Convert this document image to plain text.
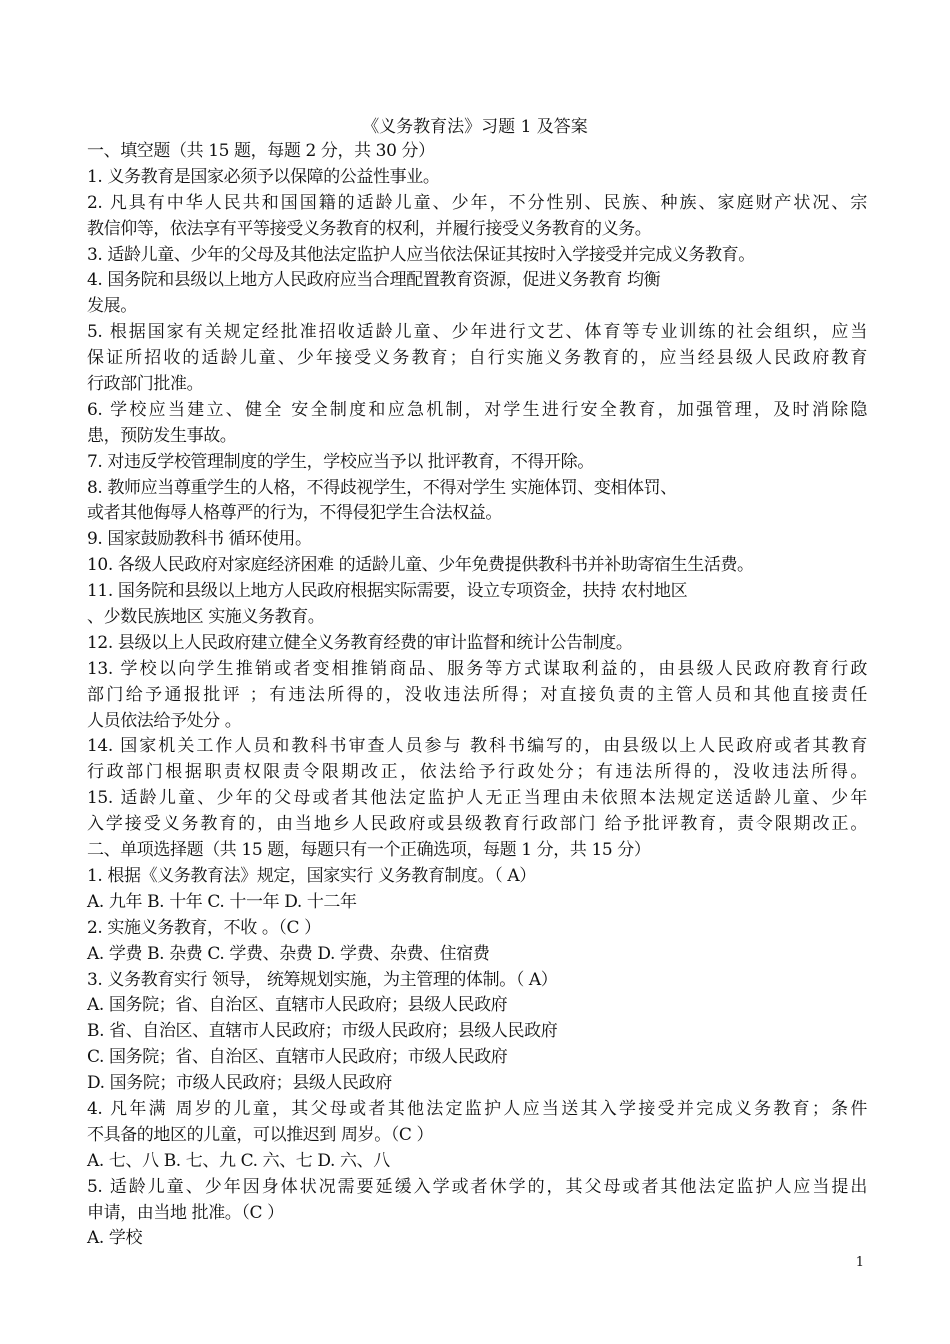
《义务教育法》习题 1 及答案
一、填空题（共 15 题，每题 2 分，共 30 分）
1. 义务教育是国家必须予以保障的公益性事业。
2. 凡具有中华人民共和国国籍的适龄儿童、少年，不分性别、民族、种族、家庭财产状况、宗
教信仰等，依法享有平等接受义务教育的权利，并履行接受义务教育的义务。
3. 适龄儿童、少年的父母及其他法定监护人应当依法保证其按时入学接受并完成义务教育。
4. 国务院和县级以上地方人民政府应当合理配置教育资源，促进义务教育 均衡
发展。
5. 根据国家有关规定经批准招收适龄儿童、少年进行文艺、体育等专业训练的社会组织，应当
保证所招收的适龄儿童、少年接受义务教育；自行实施义务教育的，应当经县级人民政府教育
行政部门批准。
6. 学校应当建立、健全 安全制度和应急机制，对学生进行安全教育，加强管理，及时消除隐
患，预防发生事故。
7. 对违反学校管理制度的学生，学校应当予以 批评教育，不得开除。
8. 教师应当尊重学生的人格，不得歧视学生，不得对学生 实施体罚、变相体罚、
或者其他侮辱人格尊严的行为，不得侵犯学生合法权益。
9. 国家鼓励教科书 循环使用。
10. 各级人民政府对家庭经济困难 的适龄儿童、少年免费提供教科书并补助寄宿生生活费。
11. 国务院和县级以上地方人民政府根据实际需要，设立专项资金，扶持 农村地区
、少数民族地区 实施义务教育。
12. 县级以上人民政府建立健全义务教育经费的审计监督和统计公告制度。
13. 学校以向学生推销或者变相推销商品、服务等方式谋取利益的，由县级人民政府教育行政
部门给予通报批评 ；有违法所得的，没收违法所得；对直接负责的主管人员和其他直接责任
人员依法给予处分 。
14. 国家机关工作人员和教科书审查人员参与 教科书编写的，由县级以上人民政府或者其教育
行政部门根据职责权限责令限期改正，依法给予行政处分；有违法所得的，没收违法所得。
15. 适龄儿童、少年的父母或者其他法定监护人无正当理由未依照本法规定送适龄儿童、少年
入学接受义务教育的，由当地乡人民政府或县级教育行政部门 给予批评教育，责令限期改正。
二、单项选择题（共 15 题，每题只有一个正确选项，每题 1 分，共 15 分）
1. 根据《义务教育法》规定，国家实行 义务教育制度。（ A）
A. 九年 B. 十年 C. 十一年 D. 十二年
2. 实施义务教育，不收 。（C ）
A. 学费 B. 杂费 C. 学费、杂费 D. 学费、杂费、住宿费
3. 义务教育实行 领导， 统筹规划实施，为主管理的体制。（ A）
A. 国务院；省、自治区、直辖市人民政府；县级人民政府
B. 省、自治区、直辖市人民政府；市级人民政府；县级人民政府
C. 国务院；省、自治区、直辖市人民政府；市级人民政府
D. 国务院；市级人民政府；县级人民政府
4. 凡年满 周岁的儿童，其父母或者其他法定监护人应当送其入学接受并完成义务教育；条件
不具备的地区的儿童，可以推迟到 周岁。（C ）
A. 七、八 B. 七、九 C. 六、七 D. 六、八
5. 适龄儿童、少年因身体状况需要延缓入学或者休学的，其父母或者其他法定监护人应当提出
申请，由当地 批准。（C ）
A. 学校
1
